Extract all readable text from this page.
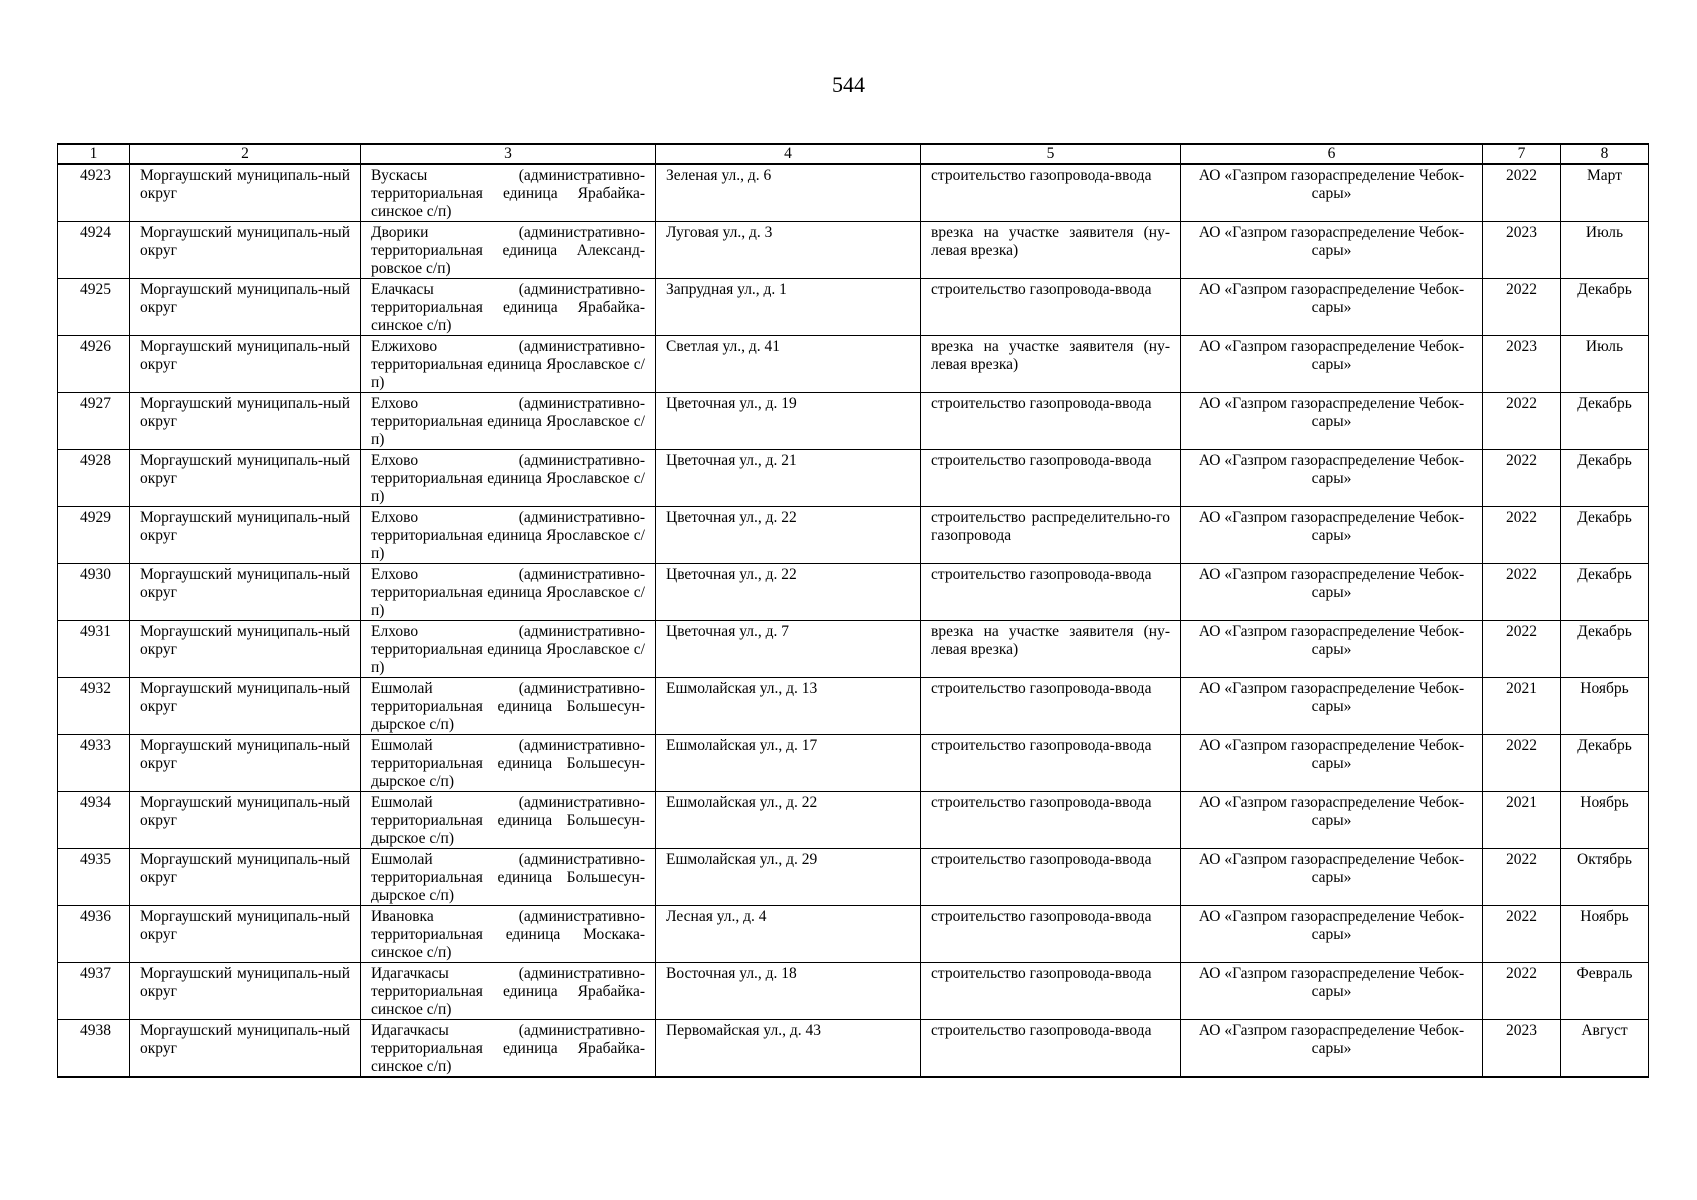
544
1	2	3	4	5	6	7	8
4923	Моргаушский муниципаль-ный округ	Вускасы (административно-территориальная единица Ярабайка-синское с/п)	Зеленая ул., д. 6	строительство газопровода-ввода	АО «Газпром газораспределение Чебок-сары»	2022	Март
4924	Моргаушский муниципаль-ный округ	Дворики (административно-территориальная единица Александ-ровское с/п)	Луговая ул., д. 3	врезка на участке заявителя (ну-левая врезка)	АО «Газпром газораспределение Чебок-сары»	2023	Июль
4925	Моргаушский муниципаль-ный округ	Елачкасы (административно-территориальная единица Ярабайка-синское с/п)	Запрудная ул., д. 1	строительство газопровода-ввода	АО «Газпром газораспределение Чебок-сары»	2022	Декабрь
4926	Моргаушский муниципаль-ный округ	Елжихово (административно-территориальная единица Ярославское с/п)	Светлая ул., д. 41	врезка на участке заявителя (ну-левая врезка)	АО «Газпром газораспределение Чебок-сары»	2023	Июль
4927	Моргаушский муниципаль-ный округ	Елхово (административно-территориальная единица Ярославское с/п)	Цветочная ул., д. 19	строительство газопровода-ввода	АО «Газпром газораспределение Чебок-сары»	2022	Декабрь
4928	Моргаушский муниципаль-ный округ	Елхово (административно-территориальная единица Ярославское с/п)	Цветочная ул., д. 21	строительство газопровода-ввода	АО «Газпром газораспределение Чебок-сары»	2022	Декабрь
4929	Моргаушский муниципаль-ный округ	Елхово (административно-территориальная единица Ярославское с/п)	Цветочная ул., д. 22	строительство распределительно-го газопровода	АО «Газпром газораспределение Чебок-сары»	2022	Декабрь
4930	Моргаушский муниципаль-ный округ	Елхово (административно-территориальная единица Ярославское с/п)	Цветочная ул., д. 22	строительство газопровода-ввода	АО «Газпром газораспределение Чебок-сары»	2022	Декабрь
4931	Моргаушский муниципаль-ный округ	Елхово (административно-территориальная единица Ярославское с/п)	Цветочная ул., д. 7	врезка на участке заявителя (ну-левая врезка)	АО «Газпром газораспределение Чебок-сары»	2022	Декабрь
4932	Моргаушский муниципаль-ный округ	Ешмолай (административно-территориальная единица Большесун-дырское с/п)	Ешмолайская ул., д. 13	строительство газопровода-ввода	АО «Газпром газораспределение Чебок-сары»	2021	Ноябрь
4933	Моргаушский муниципаль-ный округ	Ешмолай (административно-территориальная единица Большесун-дырское с/п)	Ешмолайская ул., д. 17	строительство газопровода-ввода	АО «Газпром газораспределение Чебок-сары»	2022	Декабрь
4934	Моргаушский муниципаль-ный округ	Ешмолай (административно-территориальная единица Большесун-дырское с/п)	Ешмолайская ул., д. 22	строительство газопровода-ввода	АО «Газпром газораспределение Чебок-сары»	2021	Ноябрь
4935	Моргаушский муниципаль-ный округ	Ешмолай (административно-территориальная единица Большесун-дырское с/п)	Ешмолайская ул., д. 29	строительство газопровода-ввода	АО «Газпром газораспределение Чебок-сары»	2022	Октябрь
4936	Моргаушский муниципаль-ный округ	Ивановка (административно-территориальная единица Москака-синское с/п)	Лесная ул., д. 4	строительство газопровода-ввода	АО «Газпром газораспределение Чебок-сары»	2022	Ноябрь
4937	Моргаушский муниципаль-ный округ	Идагачкасы (административно-территориальная единица Ярабайка-синское с/п)	Восточная ул., д. 18	строительство газопровода-ввода	АО «Газпром газораспределение Чебок-сары»	2022	Февраль
4938	Моргаушский муниципаль-ный округ	Идагачкасы (административно-территориальная единица Ярабайка-синское с/п)	Первомайская ул., д. 43	строительство газопровода-ввода	АО «Газпром газораспределение Чебок-сары»	2023	Август
